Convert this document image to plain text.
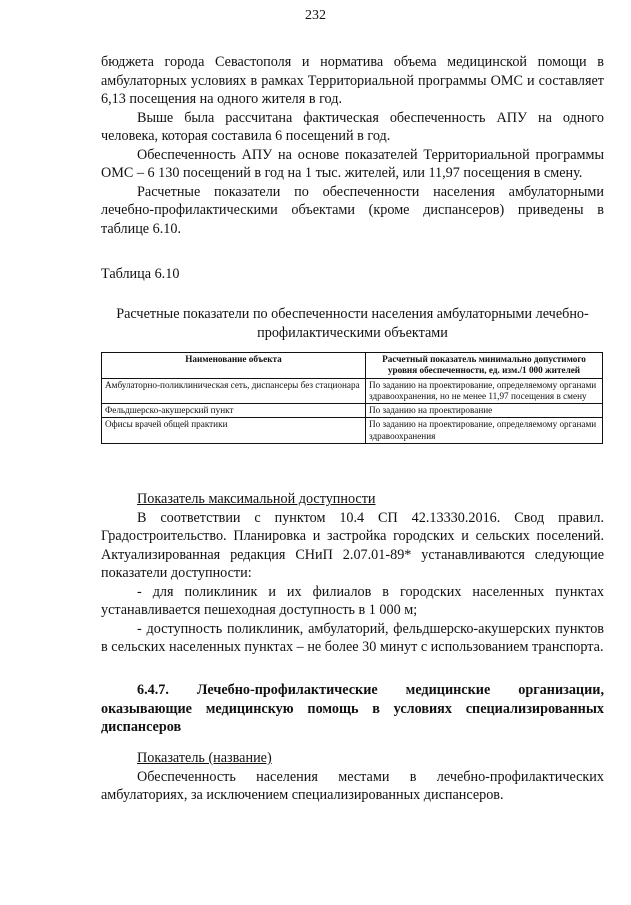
232

бюджета города Севастополя и норматива объема медицинской помощи в амбулаторных условиях в рамках Территориальной программы ОМС и составляет 6,13 посещения на одного жителя в год.

Выше была рассчитана фактическая обеспеченность АПУ на одного человека, которая составила 6 посещений в год.

Обеспеченность АПУ на основе показателей Территориальной программы ОМС – 6 130 посещений в год на 1 тыс. жителей, или 11,97 посещения в смену.

Расчетные показатели по обеспеченности населения амбулаторными лечебно-профилактическими объектами (кроме диспансеров) приведены в таблице 6.10.

Таблица 6.10
Расчетные показатели по обеспеченности населения амбулаторными лечебно-профилактическими объектами
Наименование объекта	Расчетный показатель минимально допустимого уровня обеспеченности, ед. изм./1 000 жителей
Амбулаторно-поликлиническая сеть, диспансеры без стационара	По заданию на проектирование, определяемому органами здравоохранения, но не менее 11,97 посещения в смену
Фельдшерско-акушерский пункт	По заданию на проектирование
Офисы врачей общей практики	По заданию на проектирование, определяемому органами здравоохранения

Показатель максимальной доступности

В соответствии с пунктом 10.4 СП 42.13330.2016. Свод правил. Градостроительство. Планировка и застройка городских и сельских поселений. Актуализированная редакция СНиП 2.07.01-89* устанавливаются следующие показатели доступности:

- для поликлиник и их филиалов в городских населенных пунктах устанавливается пешеходная доступность в 1 000 м;

- доступность поликлиник, амбулаторий, фельдшерско-акушерских пунктов в сельских населенных пунктах – не более 30 минут с использованием транспорта.

6.4.7. Лечебно-профилактические медицинские организации, оказывающие медицинскую помощь в условиях специализированных диспансеров

Показатель (название)

Обеспеченность населения местами в лечебно-профилактических амбулаториях, за исключением специализированных диспансеров.
